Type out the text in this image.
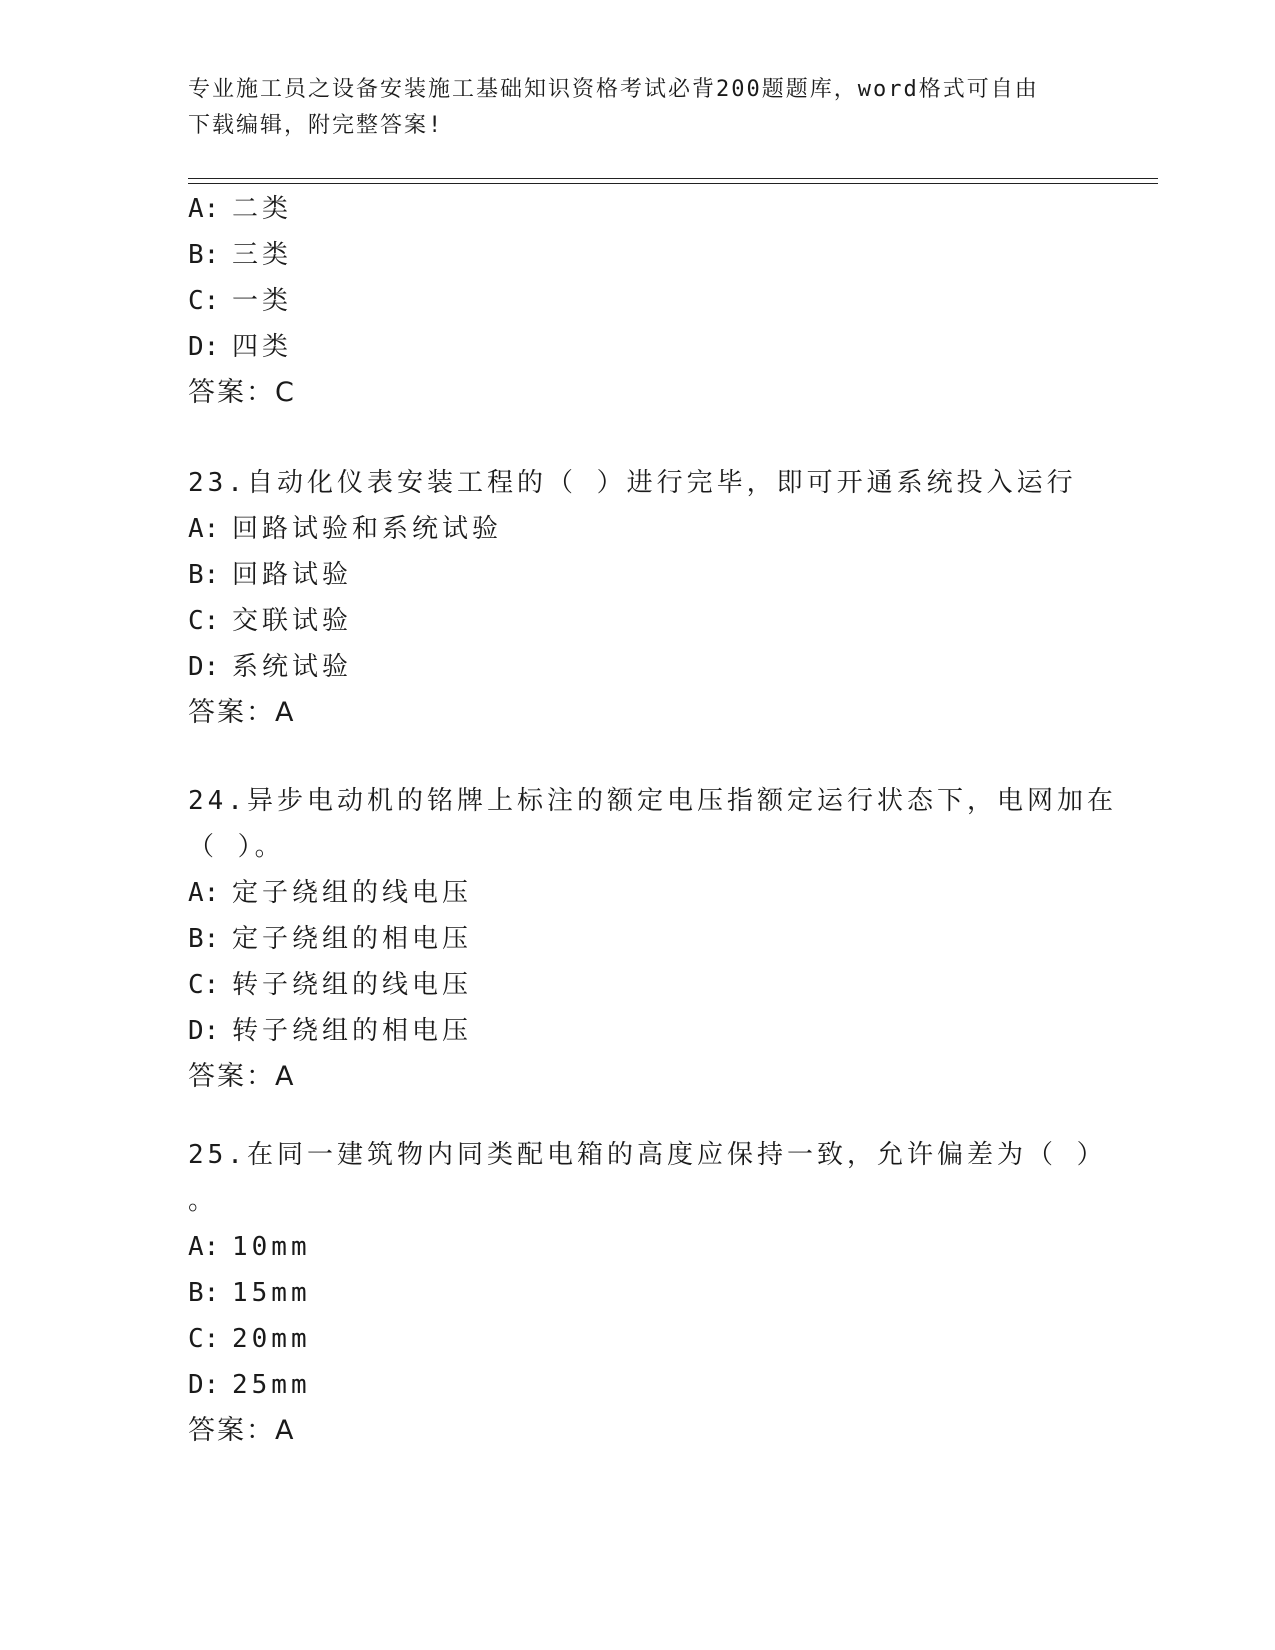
专业施工员之设备安装施工基础知识资格考试必背200题题库，word格式可自由
下载编辑，附完整答案!
A: 二类
B: 三类
C: 一类
D: 四类
答案：C
23.自动化仪表安装工程的（ ）进行完毕，即可开通系统投入运行
A: 回路试验和系统试验
B: 回路试验
C: 交联试验
D: 系统试验
答案：A
24.异步电动机的铭牌上标注的额定电压指额定运行状态下，电网加在
（ ）。
A: 定子绕组的线电压
B: 定子绕组的相电压
C: 转子绕组的线电压
D: 转子绕组的相电压
答案：A
25.在同一建筑物内同类配电箱的高度应保持一致，允许偏差为（ ）
。
A: 10mm
B: 15mm
C: 20mm
D: 25mm
答案：A
